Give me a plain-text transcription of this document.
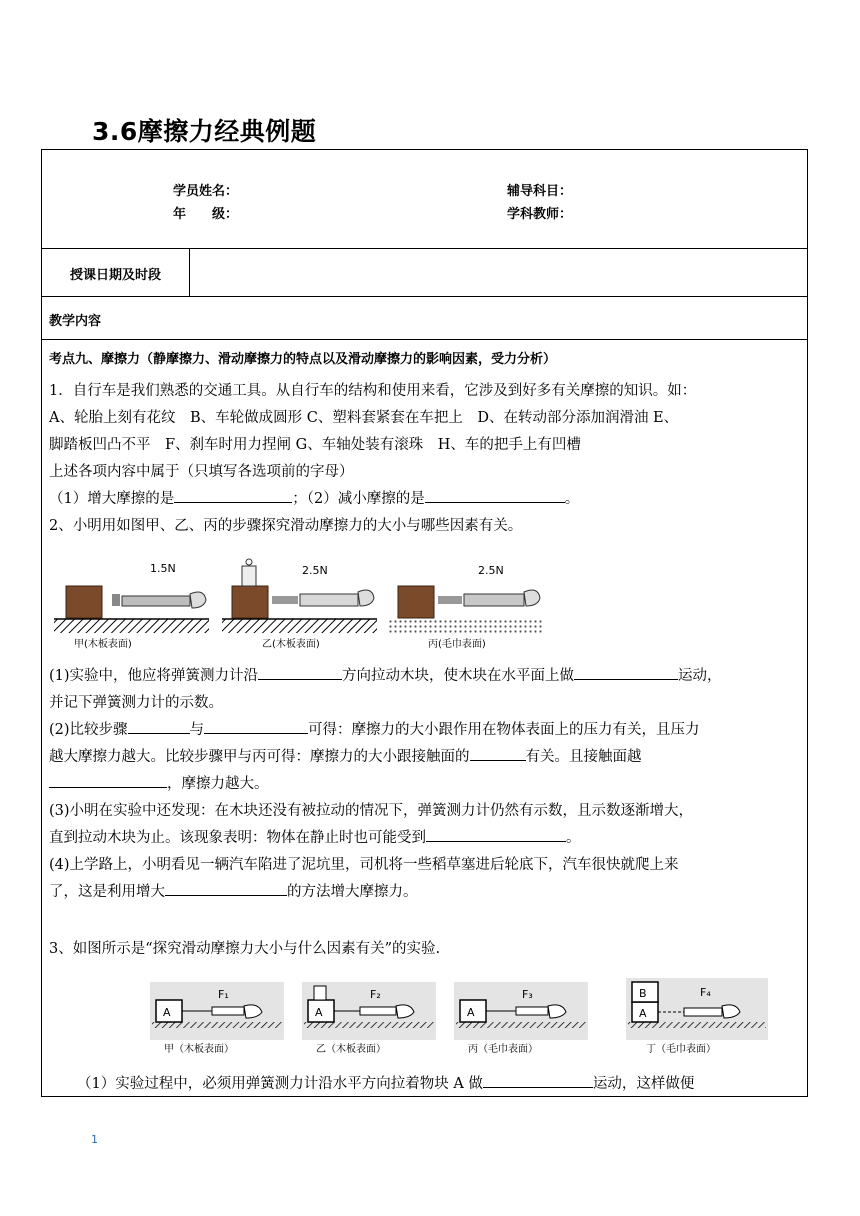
3.6摩擦力经典例题
学员姓名：	辅导科目：
年　　级：	学科教师：
授课日期及时段
教学内容
考点九、摩擦力（静摩擦力、滑动摩擦力的特点以及滑动摩擦力的影响因素，受力分析）
1．自行车是我们熟悉的交通工具。从自行车的结构和使用来看，它涉及到好多有关摩擦的知识。如：
A、轮胎上刻有花纹　B、车轮做成圆形 C、塑料套紧套在车把上　D、在转动部分添加润滑油 E、
脚踏板凹凸不平　F、刹车时用力捏闸 G、车轴处装有滚珠　H、车的把手上有凹槽
上述各项内容中属于（只填写各选项前的字母）
（1）增大摩擦的是	；（2）减小摩擦的是	。
2、小明用如图甲、乙、丙的步骤探究滑动摩擦力的大小与哪些因素有关。
1.5N
甲(木板表面)
2.5N
乙(木板表面)
2.5N
丙(毛巾表面)
(1)实验中，他应将弹簧测力计沿	方向拉动木块，使木块在水平面上做	运动，
并记下弹簧测力计的示数。
(2)比较步骤	与	可得：摩擦力的大小跟作用在物体表面上的压力有关，且压力
越大摩擦力越大。比较步骤甲与丙可得：摩擦力的大小跟接触面的	有关。且接触面越
，摩擦力越大。
(3)小明在实验中还发现：在木块还没有被拉动的情况下，弹簧测力计仍然有示数，且示数逐渐增大，
直到拉动木块为止。该现象表明：物体在静止时也可能受到	。
(4)上学路上，小明看见一辆汽车陷进了泥坑里，司机将一些稻草塞进后轮底下，汽车很快就爬上来
了，这是利用增大	的方法增大摩擦力。
3、如图所示是“探究滑动摩擦力大小与什么因素有关”的实验.
A
F₁
甲（木板表面）
A
F₂
乙（木板表面）
A
F₃
丙（毛巾表面）
A
B	F₄
丁（毛巾表面）
（1）实验过程中，必须用弹簧测力计沿水平方向拉着物块 A 做	运动，这样做便
1
